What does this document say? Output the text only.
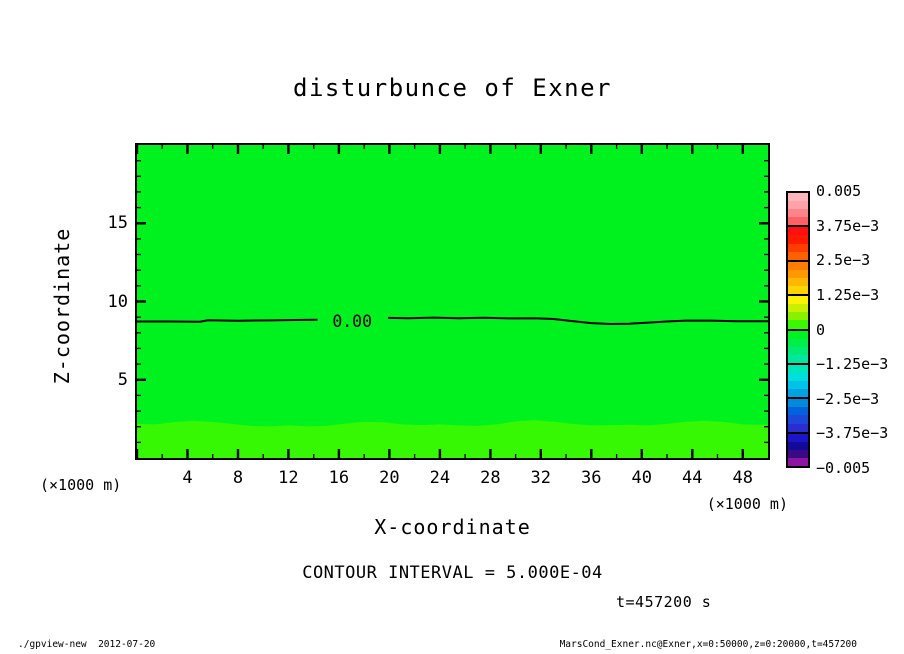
disturbunce of Exner
Z-coordinate	0.00
5
10
15
4 8 12 16 20 24 28 32 36 40 44 48
(×1000 m)
(×1000 m)
X-coordinate
CONTOUR INTERVAL = 5.000E-04
t=457200 s
0.005
3.75e−3
2.5e−3
1.25e−3
0
−1.25e−3
−2.5e−3
−3.75e−3
−0.005
./gpview-new  2012-07-20	MarsCond_Exner.nc@Exner,x=0:50000,z=0:20000,t=457200
